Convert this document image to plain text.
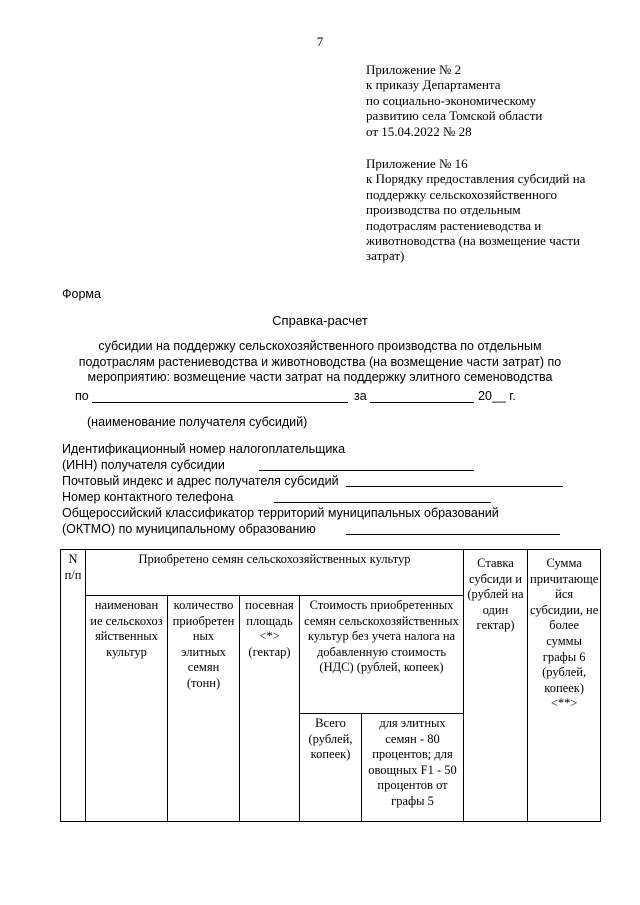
7
Приложение № 2
к приказу Департамента
по социально-экономическому
развитию села Томской области
от 15.04.2022 № 28
Приложение № 16
к Порядку предоставления субсидий на
поддержку сельскохозяйственного
производства по отдельным
подотраслям растениеводства и
животноводства (на возмещение части
затрат)
Форма
Справка-расчет
субсидии на поддержку сельскохозяйственного производства по отдельным
подотраслям растениеводства и животноводства (на возмещение части затрат) по
мероприятию: возмещение части затрат на поддержку элитного семеноводства
по	за	20__ г.
(наименование получателя субсидий)
Идентификационный номер налогоплательщика
(ИНН) получателя субсидии
Почтовый индекс и адрес получателя субсидий
Номер контактного телефона
Общероссийский классификатор территорий муниципальных образований
(ОКТМО) по муниципальному образованию
N п/п	Приобретено семян сельскохозяйственных культур					Ставка субсиди и (рублей на один гектар)	Сумма причитающе йся субсидии, не более суммы графы 6 (рублей, копеек) <**>
	наименован ие сельскохоз яйственных культур	количество приобретен ных элитных семян (тонн)	посевная площадь <*> (гектар)	Стоимость приобретенных семян сельскохозяйственных культур без учета налога на добавленную стоимость (НДС) (рублей, копеек)			
				Всего (рублей, копеек)	для элитных семян - 80 процентов; для овощных F1 - 50 процентов от графы 5		
